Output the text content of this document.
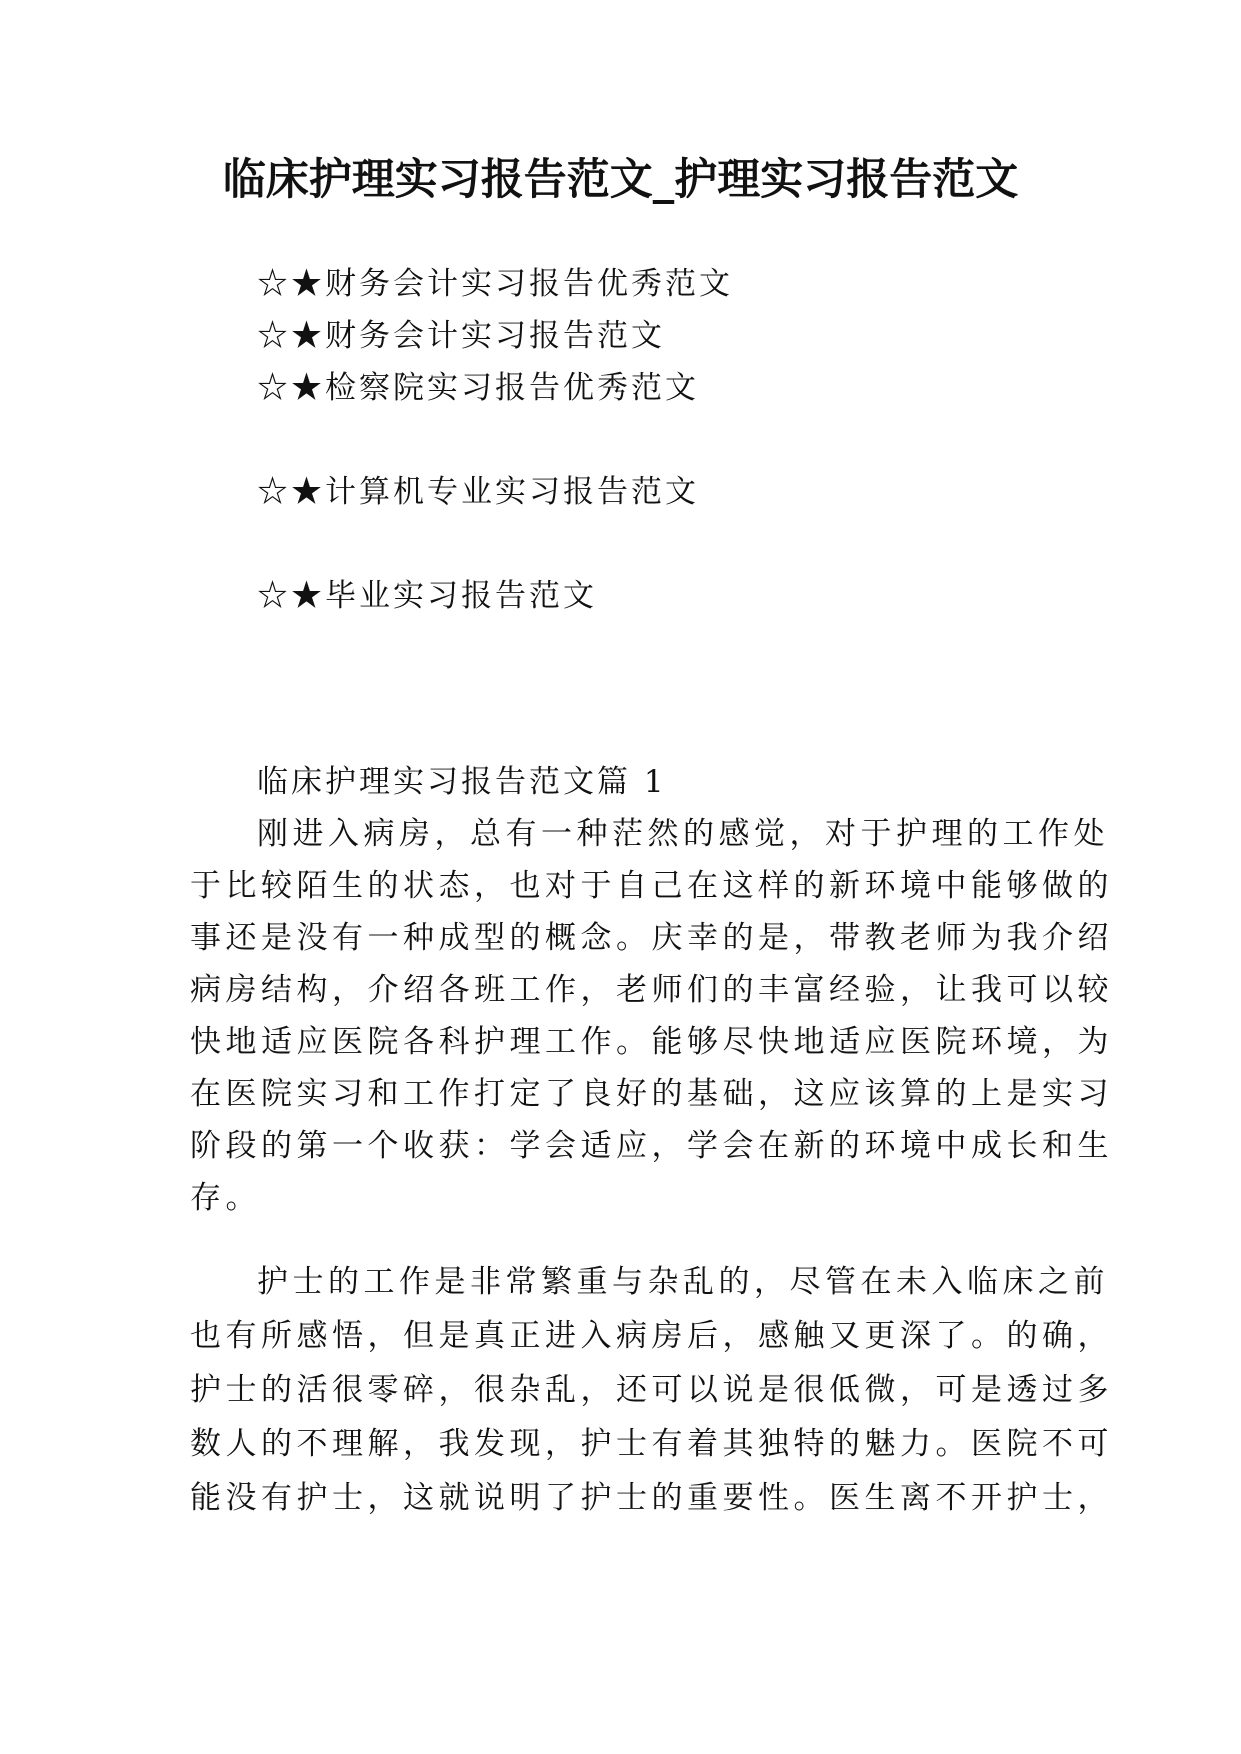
临床护理实习报告范文_护理实习报告范文
☆★财务会计实习报告优秀范文
☆★财务会计实习报告范文
☆★检察院实习报告优秀范文
☆★计算机专业实习报告范文
☆★毕业实习报告范文
临床护理实习报告范文篇 1
刚进入病房，总有一种茫然的感觉，对于护理的工作处
于比较陌生的状态，也对于自己在这样的新环境中能够做的
事还是没有一种成型的概念。庆幸的是，带教老师为我介绍
病房结构，介绍各班工作，老师们的丰富经验，让我可以较
快地适应医院各科护理工作。能够尽快地适应医院环境，为
在医院实习和工作打定了良好的基础，这应该算的上是实习
阶段的第一个收获：学会适应，学会在新的环境中成长和生
存。
护士的工作是非常繁重与杂乱的，尽管在未入临床之前
也有所感悟，但是真正进入病房后，感触又更深了。的确，
护士的活很零碎，很杂乱，还可以说是很低微，可是透过多
数人的不理解，我发现，护士有着其独特的魅力。医院不可
能没有护士，这就说明了护士的重要性。医生离不开护士，
